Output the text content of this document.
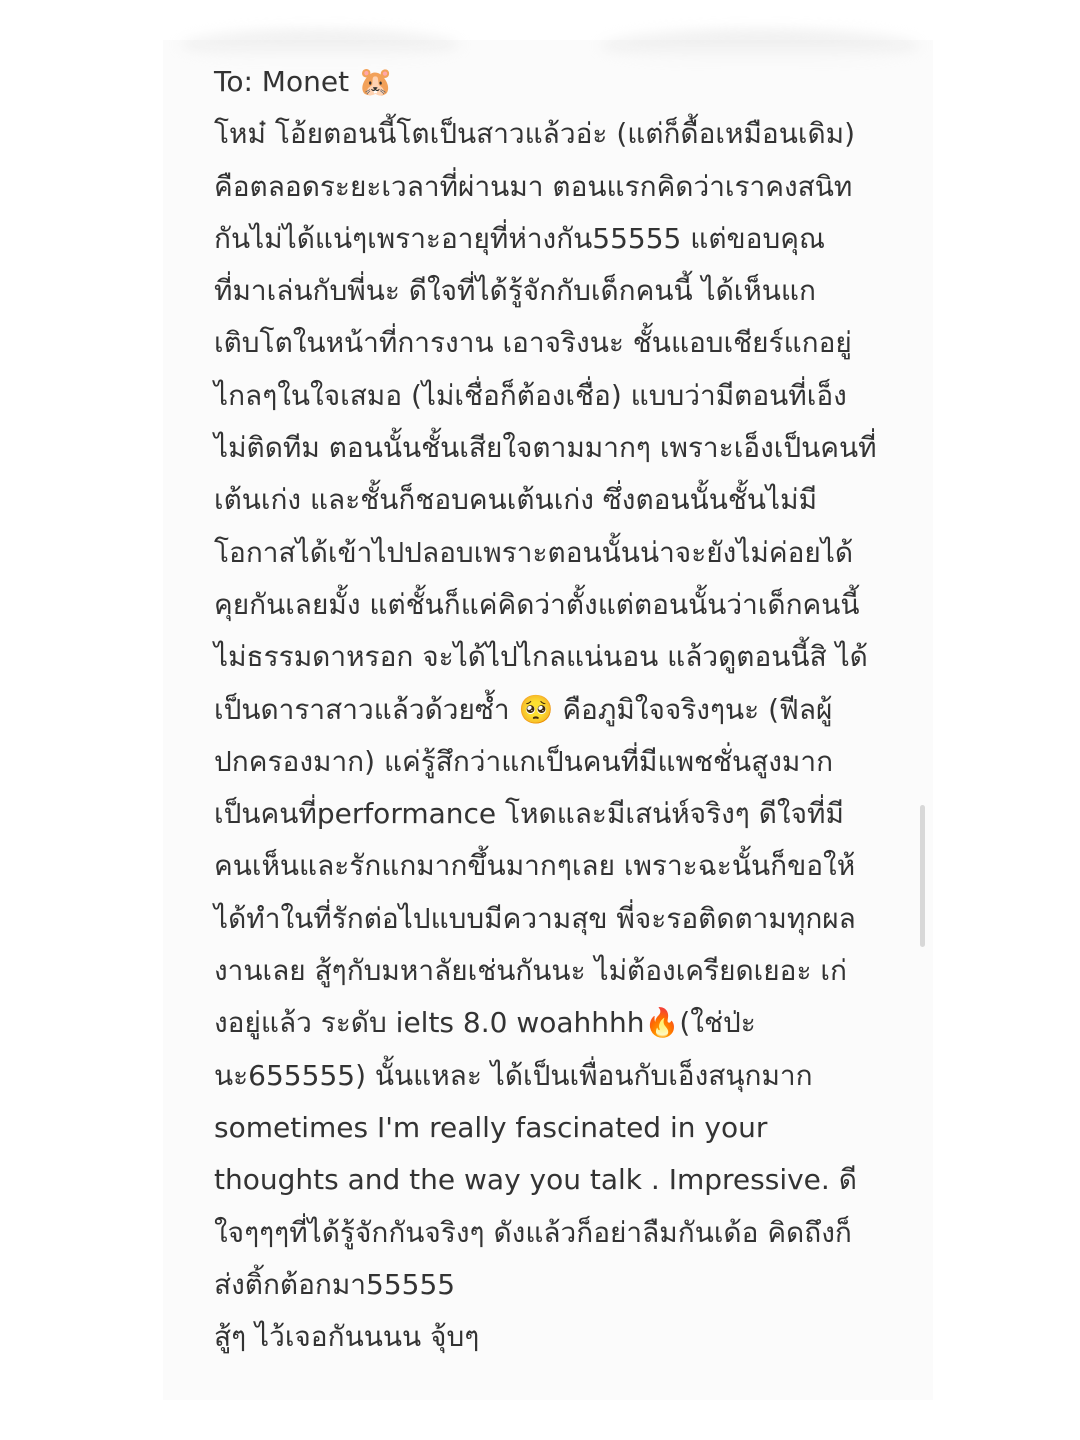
To: Monet 🐹
โหม๋ โอ้ยตอนนี้โตเป็นสาวแล้วอ่ะ (แต่ก็ดื้อเหมือนเดิม)
คือตลอดระยะเวลาที่ผ่านมา ตอนแรกคิดว่าเราคงสนิท
กันไม่ได้แน่ๆเพราะอายุที่ห่างกัน55555 แต่ขอบคุณ
ที่มาเล่นกับพี่นะ ดีใจที่ได้รู้จักกับเด็กคนนี้ ได้เห็นแก
เติบโตในหน้าที่การงาน เอาจริงนะ ชั้นแอบเชียร์แกอยู่
ไกลๆในใจเสมอ (ไม่เชื่อก็ต้องเชื่อ) แบบว่ามีตอนที่เอ็ง
ไม่ติดทีม ตอนนั้นชั้นเสียใจตามมากๆ เพราะเอ็งเป็นคนที่
เต้นเก่ง และชั้นก็ชอบคนเต้นเก่ง ซึ่งตอนนั้นชั้นไม่มี
โอกาสได้เข้าไปปลอบเพราะตอนนั้นน่าจะยังไม่ค่อยได้
คุยกันเลยมั้ง แต่ชั้นก็แค่คิดว่าตั้งแต่ตอนนั้นว่าเด็กคนนี้
ไม่ธรรมดาหรอก จะได้ไปไกลแน่นอน แล้วดูตอนนี้สิ ได้
เป็นดาราสาวแล้วด้วยซ้ำ 🥺 คือภูมิใจจริงๆนะ (ฟีลผู้
ปกครองมาก) แค่รู้สึกว่าแกเป็นคนที่มีแพชชั่นสูงมาก
เป็นคนที่performance โหดและมีเสน่ห์จริงๆ ดีใจที่มี
คนเห็นและรักแกมากขึ้นมากๆเลย เพราะฉะนั้นก็ขอให้
ได้ทำในที่รักต่อไปแบบมีความสุข พี่จะรอติดตามทุกผล
งานเลย สู้ๆกับมหาลัยเช่นกันนะ ไม่ต้องเครียดเยอะ เก่
งอยู่แล้ว ระดับ ielts 8.0 woahhhh🔥(ใช่ป่ะ
นะ655555) นั้นแหละ ได้เป็นเพื่อนกับเอ็งสนุกมาก
sometimes I'm really fascinated in your
thoughts and the way you talk . Impressive. ดี
ใจๆๆๆที่ได้รู้จักกันจริงๆ ดังแล้วก็อย่าลืมกันเด้อ คิดถึงก็
ส่งติ้กต้อกมา55555
สู้ๆ ไว้เจอกันนนน จุ้บๆ
